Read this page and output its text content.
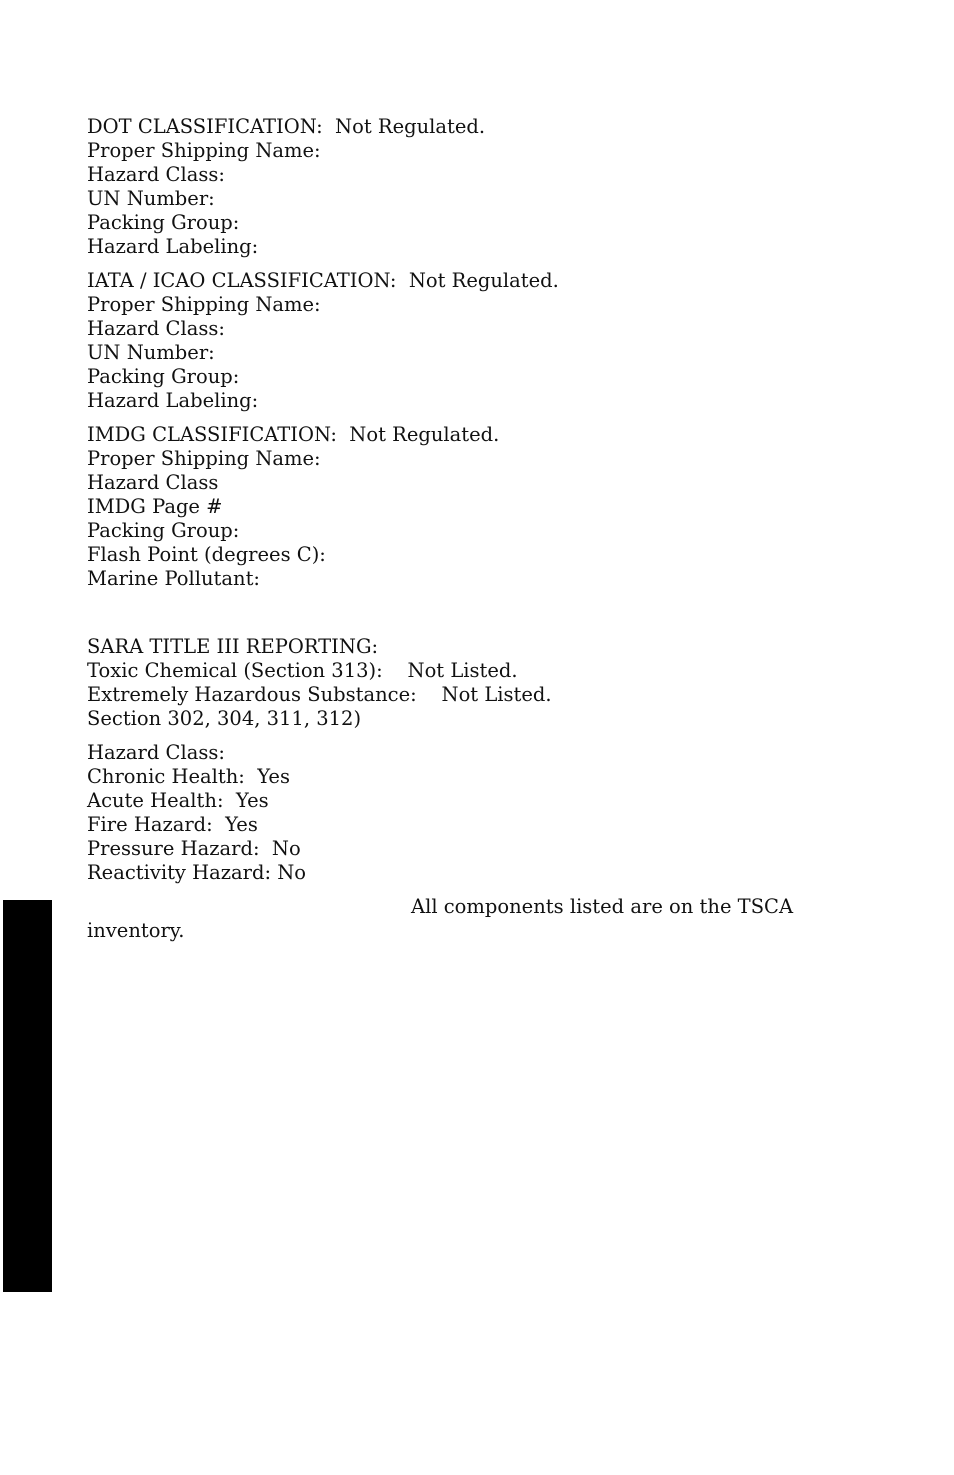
DOT CLASSIFICATION:  Not Regulated.
Proper Shipping Name:
Hazard Class:
UN Number:
Packing Group:
Hazard Labeling:
IATA / ICAO CLASSIFICATION:  Not Regulated.
Proper Shipping Name:
Hazard Class:
UN Number:
Packing Group:
Hazard Labeling:
IMDG CLASSIFICATION:  Not Regulated.
Proper Shipping Name:
Hazard Class
IMDG Page #
Packing Group:
Flash Point (degrees C):
Marine Pollutant:
SARA TITLE III REPORTING:
Toxic Chemical (Section 313):    Not Listed.
Extremely Hazardous Substance:    Not Listed.
Section 302, 304, 311, 312)
Hazard Class:
Chronic Health:  Yes
Acute Health:  Yes
Fire Hazard:  Yes
Pressure Hazard:  No
Reactivity Hazard: No
All components listed are on the TSCA
inventory.
